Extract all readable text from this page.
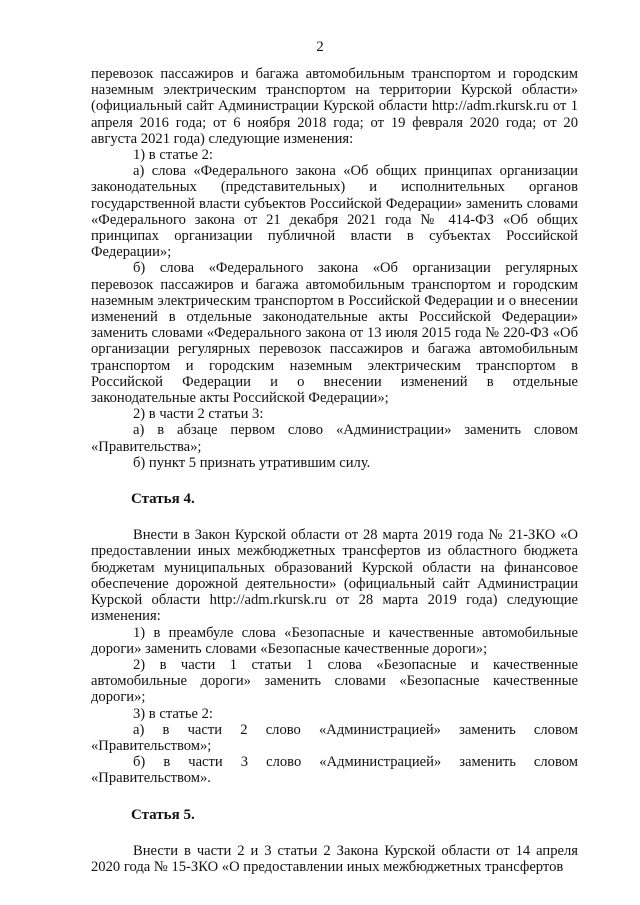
2

перевозок пассажиров и багажа автомобильным транспортом и городским наземным электрическим транспортом на территории Курской области» (официальный сайт Администрации Курской области http://adm.rkursk.ru от 1 апреля 2016 года; от 6 ноября 2018 года; от 19 февраля 2020 года; от 20 августа 2021 года) следующие изменения:

1) в статье 2:

а) слова «Федерального закона «Об общих принципах организации законодательных (представительных) и исполнительных органов государственной власти субъектов Российской Федерации» заменить словами «Федерального закона от 21 декабря 2021 года № 414-ФЗ «Об общих принципах организации публичной власти в субъектах Российской Федерации»;

б) слова «Федерального закона «Об организации регулярных перевозок пассажиров и багажа автомобильным транспортом и городским наземным электрическим транспортом в Российской Федерации и о внесении изменений в отдельные законодательные акты Российской Федерации» заменить словами «Федерального закона от 13 июля 2015 года № 220-ФЗ «Об организации регулярных перевозок пассажиров и багажа автомобильным транспортом и городским наземным электрическим транспортом в Российской Федерации и о внесении изменений в отдельные законодательные акты Российской Федерации»;

2) в части 2 статьи 3:

а) в абзаце первом слово «Администрации» заменить словом «Правительства»;

б) пункт 5 признать утратившим силу.

Статья 4.

Внести в Закон Курской области от 28 марта 2019 года № 21-ЗКО «О предоставлении иных межбюджетных трансфертов из областного бюджета бюджетам муниципальных образований Курской области на финансовое обеспечение дорожной деятельности» (официальный сайт Администрации Курской области http://adm.rkursk.ru от 28 марта 2019 года) следующие изменения:

1) в преамбуле слова «Безопасные и качественные автомобильные дороги» заменить словами «Безопасные качественные дороги»;

2) в части 1 статьи 1 слова «Безопасные и качественные автомобильные дороги» заменить словами «Безопасные качественные дороги»;

3) в статье 2:

а) в части 2 слово «Администрацией» заменить словом «Правительством»;

б) в части 3 слово «Администрацией» заменить словом «Правительством».

Статья 5.

Внести в части 2 и 3 статьи 2 Закона Курской области от 14 апреля 2020 года № 15-ЗКО «О предоставлении иных межбюджетных трансфертов
